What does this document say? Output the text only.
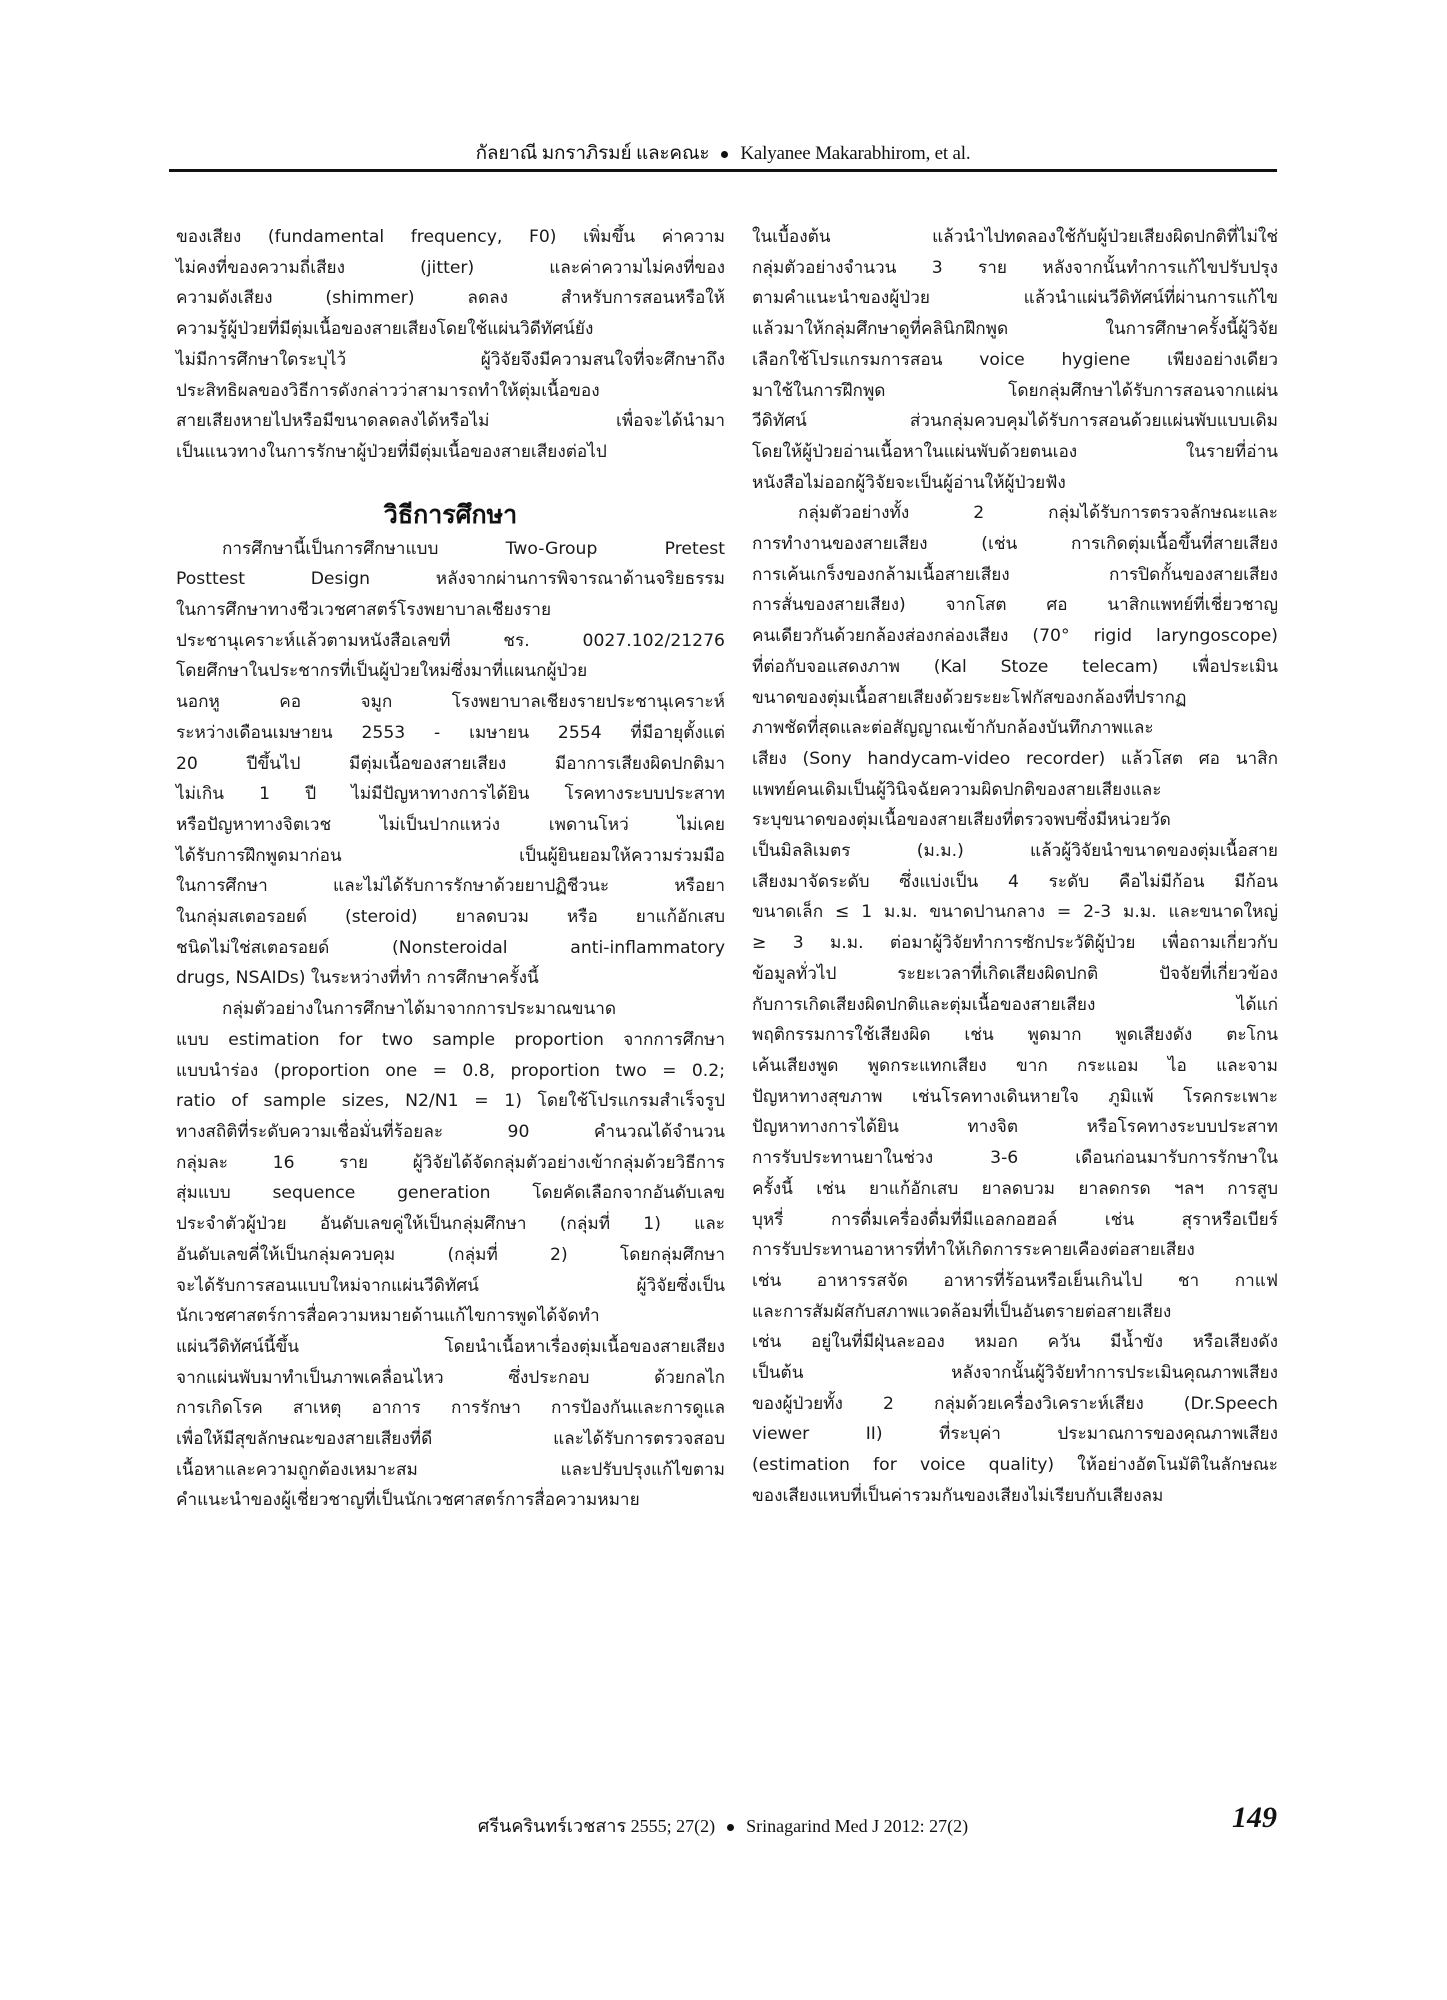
กัลยาณี มกราภิรมย์ และคณะ Kalyanee Makarabhirom, et al.
ของเสียง (fundamental frequency, F0) เพิ่มขึ้น ค่าความ
ไม่คงที่ของความถี่เสียง (jitter) และค่าความไม่คงที่ของ
ความดังเสียง (shimmer) ลดลง สำหรับการสอนหรือให้
ความรู้ผู้ป่วยที่มีตุ่มเนื้อของสายเสียงโดยใช้แผ่นวิดีทัศน์ยัง
ไม่มีการศึกษาใดระบุไว้ ผู้วิจัยจึงมีความสนใจที่จะศึกษาถึง
ประสิทธิผลของวิธีการดังกล่าวว่าสามารถทำให้ตุ่มเนื้อของ
สายเสียงหายไปหรือมีขนาดลดลงได้หรือไม่ เพื่อจะได้นำมา
เป็นแนวทางในการรักษาผู้ป่วยที่มีตุ่มเนื้อของสายเสียงต่อไป
วิธีการศึกษา
การศึกษานี้เป็นการศึกษาแบบ Two-Group Pretest
Posttest Design หลังจากผ่านการพิจารณาด้านจริยธรรม
ในการศึกษาทางชีวเวชศาสตร์โรงพยาบาลเชียงราย
ประชานุเคราะห์แล้วตามหนังสือเลขที่ ชร. 0027.102/21276
โดยศึกษาในประชากรที่เป็นผู้ป่วยใหม่ซึ่งมาที่แผนกผู้ป่วย
นอกหู คอ จมูก โรงพยาบาลเชียงรายประชานุเคราะห์
ระหว่างเดือนเมษายน 2553 - เมษายน 2554 ที่มีอายุตั้งแต่
20 ปีขึ้นไป มีตุ่มเนื้อของสายเสียง มีอาการเสียงผิดปกติมา
ไม่เกิน 1 ปี ไม่มีปัญหาทางการได้ยิน โรคทางระบบประสาท
หรือปัญหาทางจิตเวช ไม่เป็นปากแหว่ง เพดานโหว่ ไม่เคย
ได้รับการฝึกพูดมาก่อน เป็นผู้ยินยอมให้ความร่วมมือ
ในการศึกษา และไม่ได้รับการรักษาด้วยยาปฏิชีวนะ หรือยา
ในกลุ่มสเตอรอยด์ (steroid) ยาลดบวม หรือ ยาแก้อักเสบ
ชนิดไม่ใช่สเตอรอยด์ (Nonsteroidal anti-inflammatory
drugs, NSAIDs) ในระหว่างที่ทำ การศึกษาครั้งนี้
กลุ่มตัวอย่างในการศึกษาได้มาจากการประมาณขนาด
แบบ estimation for two sample proportion จากการศึกษา
แบบนำร่อง (proportion one = 0.8, proportion two = 0.2;
ratio of sample sizes, N2/N1 = 1) โดยใช้โปรแกรมสำเร็จรูป
ทางสถิติที่ระดับความเชื่อมั่นที่ร้อยละ 90 คำนวณได้จำนวน
กลุ่มละ 16 ราย ผู้วิจัยได้จัดกลุ่มตัวอย่างเข้ากลุ่มด้วยวิธีการ
สุ่มแบบ sequence generation โดยคัดเลือกจากอันดับเลข
ประจำตัวผู้ป่วย อันดับเลขคู่ให้เป็นกลุ่มศึกษา (กลุ่มที่ 1) และ
อันดับเลขคี่ให้เป็นกลุ่มควบคุม (กลุ่มที่ 2) โดยกลุ่มศึกษา
จะได้รับการสอนแบบใหม่จากแผ่นวีดิทัศน์ ผู้วิจัยซึ่งเป็น
นักเวชศาสตร์การสื่อความหมายด้านแก้ไขการพูดได้จัดทำ
แผ่นวีดิทัศน์นี้ขึ้น โดยนำเนื้อหาเรื่องตุ่มเนื้อของสายเสียง
จากแผ่นพับมาทำเป็นภาพเคลื่อนไหว ซึ่งประกอบ ด้วยกลไก
การเกิดโรค สาเหตุ อาการ การรักษา การป้องกันและการดูแล
เพื่อให้มีสุขลักษณะของสายเสียงที่ดี และได้รับการตรวจสอบ
เนื้อหาและความถูกต้องเหมาะสม และปรับปรุงแก้ไขตาม
คำแนะนำของผู้เชี่ยวชาญที่เป็นนักเวชศาสตร์การสื่อความหมาย
ในเบื้องต้น แล้วนำไปทดลองใช้กับผู้ป่วยเสียงผิดปกติที่ไม่ใช่
กลุ่มตัวอย่างจำนวน 3 ราย หลังจากนั้นทำการแก้ไขปรับปรุง
ตามคำแนะนำของผู้ป่วย แล้วนำแผ่นวีดิทัศน์ที่ผ่านการแก้ไข
แล้วมาให้กลุ่มศึกษาดูที่คลินิกฝึกพูด ในการศึกษาครั้งนี้ผู้วิจัย
เลือกใช้โปรแกรมการสอน voice hygiene เพียงอย่างเดียว
มาใช้ในการฝึกพูด โดยกลุ่มศึกษาได้รับการสอนจากแผ่น
วีดิทัศน์ ส่วนกลุ่มควบคุมได้รับการสอนด้วยแผ่นพับแบบเดิม
โดยให้ผู้ป่วยอ่านเนื้อหาในแผ่นพับด้วยตนเอง ในรายที่อ่าน
หนังสือไม่ออกผู้วิจัยจะเป็นผู้อ่านให้ผู้ป่วยฟัง
กลุ่มตัวอย่างทั้ง 2 กลุ่มได้รับการตรวจลักษณะและ
การทำงานของสายเสียง (เช่น การเกิดตุ่มเนื้อขึ้นที่สายเสียง
การเค้นเกร็งของกล้ามเนื้อสายเสียง การปิดกั้นของสายเสียง
การสั่นของสายเสียง) จากโสต ศอ นาสิกแพทย์ที่เชี่ยวชาญ
คนเดียวกันด้วยกล้องส่องกล่องเสียง (70° rigid laryngoscope)
ที่ต่อกับจอแสดงภาพ (Kal Stoze telecam) เพื่อประเมิน
ขนาดของตุ่มเนื้อสายเสียงด้วยระยะโฟกัสของกล้องที่ปรากฏ
ภาพชัดที่สุดและต่อสัญญาณเข้ากับกล้องบันทึกภาพและ
เสียง (Sony handycam-video recorder) แล้วโสต ศอ นาสิก
แพทย์คนเดิมเป็นผู้วินิจฉัยความผิดปกติของสายเสียงและ
ระบุขนาดของตุ่มเนื้อของสายเสียงที่ตรวจพบซึ่งมีหน่วยวัด
เป็นมิลลิเมตร (ม.ม.) แล้วผู้วิจัยนำขนาดของตุ่มเนื้อสาย
เสียงมาจัดระดับ ซึ่งแบ่งเป็น 4 ระดับ คือไม่มีก้อน มีก้อน
ขนาดเล็ก ≤ 1 ม.ม. ขนาดปานกลาง = 2-3 ม.ม. และขนาดใหญ่
≥ 3 ม.ม. ต่อมาผู้วิจัยทำการซักประวัติผู้ป่วย เพื่อถามเกี่ยวกับ
ข้อมูลทั่วไป ระยะเวลาที่เกิดเสียงผิดปกติ ปัจจัยที่เกี่ยวข้อง
กับการเกิดเสียงผิดปกติและตุ่มเนื้อของสายเสียง ได้แก่
พฤติกรรมการใช้เสียงผิด เช่น พูดมาก พูดเสียงดัง ตะโกน
เค้นเสียงพูด พูดกระแทกเสียง ขาก กระแอม ไอ และจาม
ปัญหาทางสุขภาพ เช่นโรคทางเดินหายใจ ภูมิแพ้ โรคกระเพาะ
ปัญหาทางการได้ยิน ทางจิต หรือโรคทางระบบประสาท
การรับประทานยาในช่วง 3-6 เดือนก่อนมารับการรักษาใน
ครั้งนี้ เช่น ยาแก้อักเสบ ยาลดบวม ยาลดกรด ฯลฯ การสูบ
บุหรี่ การดื่มเครื่องดื่มที่มีแอลกอฮอล์ เช่น สุราหรือเบียร์
การรับประทานอาหารที่ทำให้เกิดการระคายเคืองต่อสายเสียง
เช่น อาหารรสจัด อาหารที่ร้อนหรือเย็นเกินไป ชา กาแฟ
และการสัมผัสกับสภาพแวดล้อมที่เป็นอันตรายต่อสายเสียง
เช่น อยู่ในที่มีฝุ่นละออง หมอก ควัน มีน้ำขัง หรือเสียงดัง
เป็นต้น หลังจากนั้นผู้วิจัยทำการประเมินคุณภาพเสียง
ของผู้ป่วยทั้ง 2 กลุ่มด้วยเครื่องวิเคราะห์เสียง (Dr.Speech
viewer II) ที่ระบุค่า ประมาณการของคุณภาพเสียง
(estimation for voice quality) ให้อย่างอัตโนมัติในลักษณะ
ของเสียงแหบที่เป็นค่ารวมกันของเสียงไม่เรียบกับเสียงลม
ศรีนครินทร์เวชสาร 2555; 27(2) Srinagarind Med J 2012: 27(2)	149
